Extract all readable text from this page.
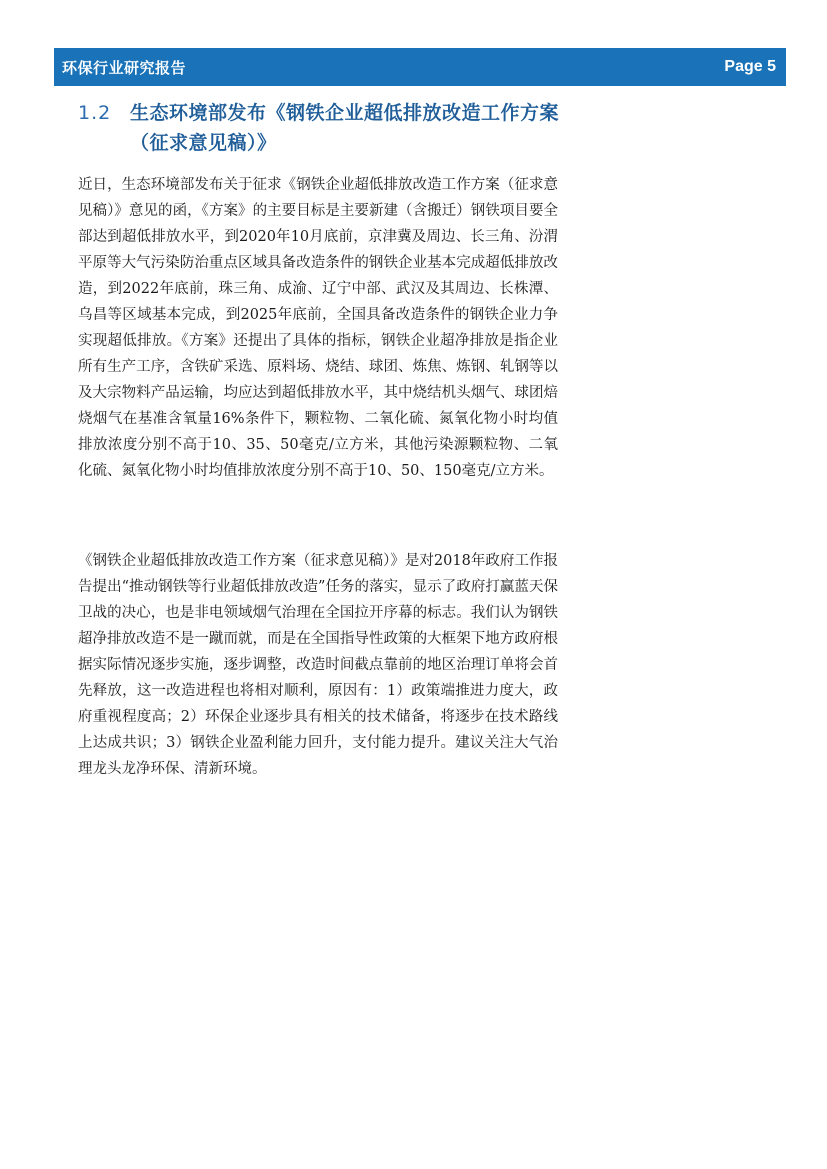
环保行业研究报告	Page 5
1.2 生态环境部发布《钢铁企业超低排放改造工作方案（征求意见稿）》

近日，生态环境部发布关于征求《钢铁企业超低排放改造工作方案（征求意见稿）》意见的函，《方案》的主要目标是主要新建（含搬迁）钢铁项目要全部达到超低排放水平，到2020年10月底前，京津冀及周边、长三角、汾渭平原等大气污染防治重点区域具备改造条件的钢铁企业基本完成超低排放改造，到2022年底前，珠三角、成渝、辽宁中部、武汉及其周边、长株潭、乌昌等区域基本完成，到2025年底前，全国具备改造条件的钢铁企业力争实现超低排放。《方案》还提出了具体的指标，钢铁企业超净排放是指企业所有生产工序，含铁矿采选、原料场、烧结、球团、炼焦、炼钢、轧钢等以及大宗物料产品运输，均应达到超低排放水平，其中烧结机头烟气、球团焙烧烟气在基准含氧量16%条件下，颗粒物、二氧化硫、氮氧化物小时均值排放浓度分别不高于10、35、50毫克/立方米，其他污染源颗粒物、二氧化硫、氮氧化物小时均值排放浓度分别不高于10、50、150毫克/立方米。

《钢铁企业超低排放改造工作方案（征求意见稿）》是对2018年政府工作报告提出“推动钢铁等行业超低排放改造”任务的落实，显示了政府打赢蓝天保卫战的决心，也是非电领域烟气治理在全国拉开序幕的标志。我们认为钢铁超净排放改造不是一蹴而就，而是在全国指导性政策的大框架下地方政府根据实际情况逐步实施，逐步调整，改造时间截点靠前的地区治理订单将会首先释放，这一改造进程也将相对顺利，原因有：1）政策端推进力度大，政府重视程度高；2）环保企业逐步具有相关的技术储备，将逐步在技术路线上达成共识；3）钢铁企业盈利能力回升，支付能力提升。建议关注大气治理龙头龙净环保、清新环境。
